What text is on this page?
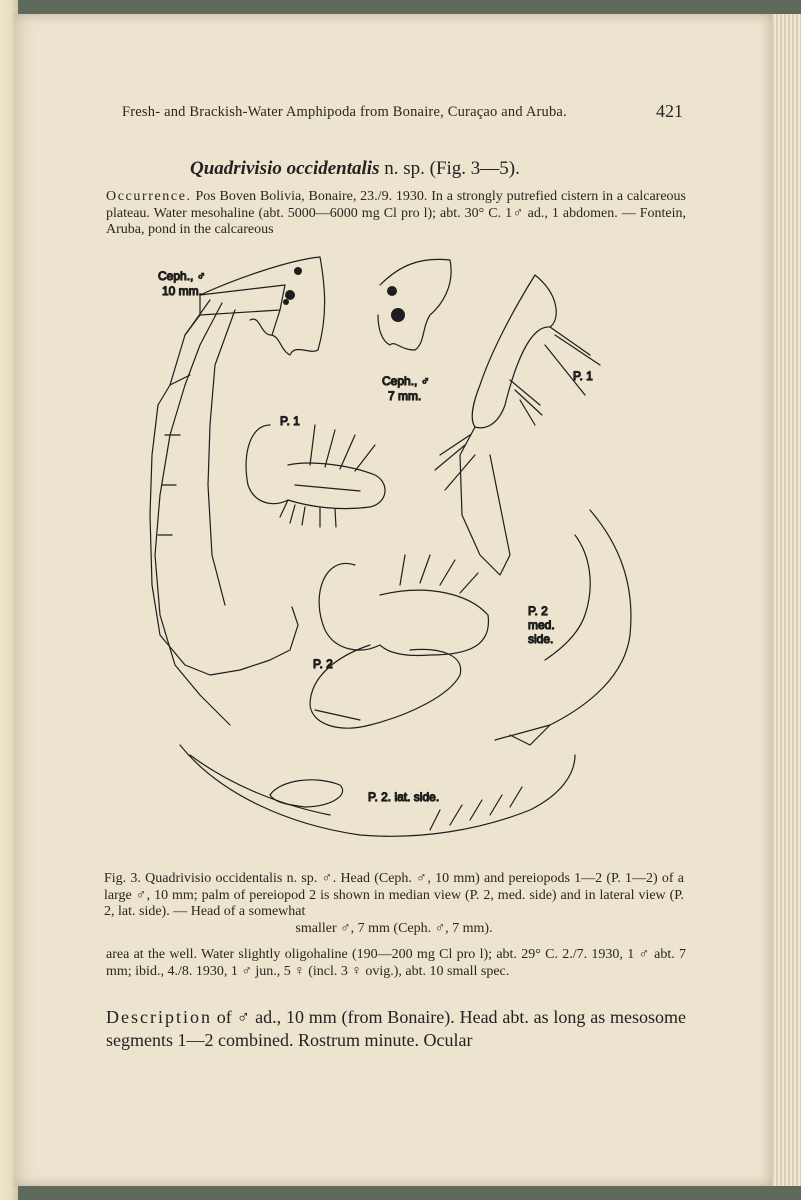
Fresh- and Brackish-Water Amphipoda from Bonaire, Curaçao and Aruba.	421
Quadrivisio occidentalis n. sp. (Fig. 3—5).
Occurrence. Pos Boven Bolivia, Bonaire, 23./9. 1930. In a strongly putrefied cistern in a calcareous plateau. Water mesohaline (abt. 5000—6000 mg Cl pro l); abt. 30° C. 1♂ ad., 1 abdomen. — Fontein, Aruba, pond in the calcareous
Ceph., ♂
10 mm.
Ceph., ♂
7 mm.
P. 1
P. 1
P. 2
P. 2
med.
side.
P. 2. lat. side.
Fig. 3. Quadrivisio occidentalis n. sp. ♂. Head (Ceph. ♂, 10 mm) and pereiopods 1—2 (P. 1—2) of a large ♂, 10 mm; palm of pereiopod 2 is shown in median view (P. 2, med. side) and in lateral view (P. 2, lat. side). — Head of a somewhat
smaller ♂, 7 mm (Ceph. ♂, 7 mm).
area at the well. Water slightly oligohaline (190—200 mg Cl pro l); abt. 29° C. 2./7. 1930, 1 ♂ abt. 7 mm; ibid., 4./8. 1930, 1 ♂ jun., 5 ♀ (incl. 3 ♀ ovig.), abt. 10 small spec.
Description of ♂ ad., 10 mm (from Bonaire). Head abt. as long as mesosome segments 1—2 combined. Rostrum minute. Ocular
